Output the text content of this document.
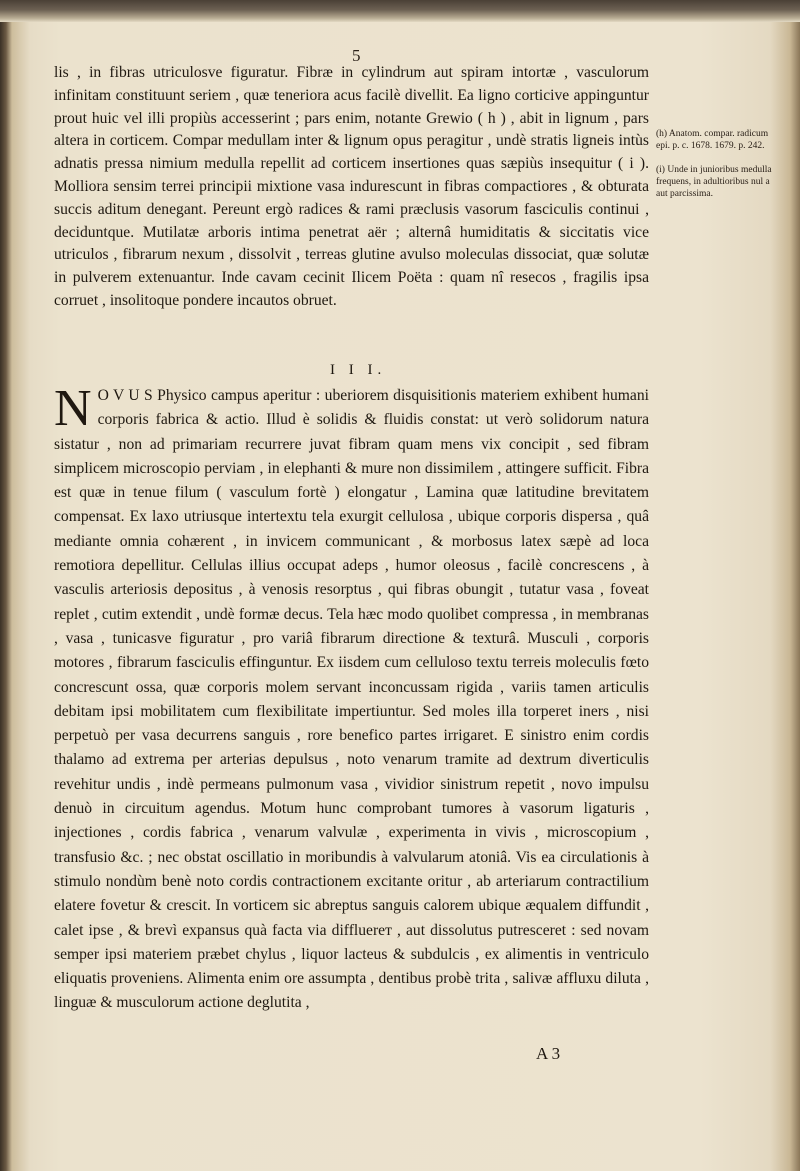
5

lis , in fibras utriculosve figuratur. Fibræ in cylindrum aut spiram intortæ , vasculorum infinitam constituunt seriem , quæ teneriora acus facilè divellit. Ea ligno corticive appinguntur prout huic vel illi propiùs accesserint ; pars enim, notante Grewio ( h ) , abit in lignum , pars altera in corticem. Compar medullam inter & lignum opus peragitur , undè stratis ligneis intùs adnatis pressa nimium medulla repellit ad corticem insertiones quas sæpiùs insequitur ( i ). Molliora sensim terrei principii mixtione vasa indurescunt in fibras compactiores , & obturata succis aditum denegant. Pereunt ergò radices & rami præclusis vasorum fasciculis continui , deciduntque. Mutilatæ arboris intima penetrat aër ; alternâ humiditatis & siccitatis vice utriculos , fibrarum nexum , dissolvit , terreas glutine avulso moleculas dissociat, quæ solutæ in pulverem extenuantur. Inde cavam cecinit Ilicem Poëta : quam nî resecos , fragilis ipsa corruet , insolitoque pondere incautos obruet.

I I I.

N O V U S Physico campus aperitur : uberiorem disquisitionis materiem exhibent humani corporis fabrica & actio. Illud è solidis & fluidis constat: ut verò solidorum natura sistatur , non ad primariam recurrere juvat fibram quam mens vix concipit , sed fibram simplicem microscopio perviam , in elephanti & mure non dissimilem , attingere sufficit. Fibra est quæ in tenue filum ( vasculum fortè ) elongatur , Lamina quæ latitudine brevitatem compensat. Ex laxo utriusque intertextu tela exurgit cellulosa , ubique corporis dispersa , quâ mediante omnia cohærent , in invicem communicant , & morbosus latex sæpè ad loca remotiora depellitur. Cellulas illius occupat adeps , humor oleosus , facilè concrescens , à vasculis arteriosis depositus , à venosis resorptus , qui fibras obungit , tutatur vasa , foveat replet , cutim extendit , undè formæ decus. Tela hæc modo quolibet compressa , in membranas , vasa , tunicasve figuratur , pro variâ fibrarum directione & texturâ. Musculi , corporis motores , fibrarum fasciculis effinguntur. Ex iisdem cum celluloso textu terreis moleculis fœto concrescunt ossa, quæ corporis molem servant inconcussam rigida , variis tamen articulis debitam ipsi mobilitatem cum flexibilitate impertiuntur. Sed moles illa torperet iners , nisi perpetuò per vasa decurrens sanguis , rore benefico partes irrigaret. E sinistro enim cordis thalamo ad extrema per arterias depulsus , noto venarum tramite ad dextrum diverticulis revehitur undis , indè permeans pulmonum vasa , vividior sinistrum repetit , novo impulsu denuò in circuitum agendus. Motum hunc comprobant tumores à vasorum ligaturis , injectiones , cordis fabrica , venarum valvulæ , experimenta in vivis , microscopium , transfusio &c. ; nec obstat oscillatio in moribundis à valvularum atoniâ. Vis ea circulationis à stimulo nondùm benè noto cordis contractionem excitante oritur , ab arteriarum contractilium elatere fovetur & crescit. In vorticem sic abreptus sanguis calorem ubique æqualem diffundit , calet ipse , & brevì expansus quà facta via diffluerет , aut dissolutus putresceret : sed novam semper ipsi materiem præbet chylus , liquor lacteus & subdulcis , ex alimentis in ventriculo eliquatis proveniens. Alimenta enim ore assumpta , dentibus probè trita , salivæ affluxu diluta , linguæ & musculorum actione deglutita ,

(h) Anatom. compar. radicum epi. p. c. 1678. 1679. p. 242.

(i) Unde in junioribus medulla frequens, in adultioribus nul a aut parcissima.

A 3
